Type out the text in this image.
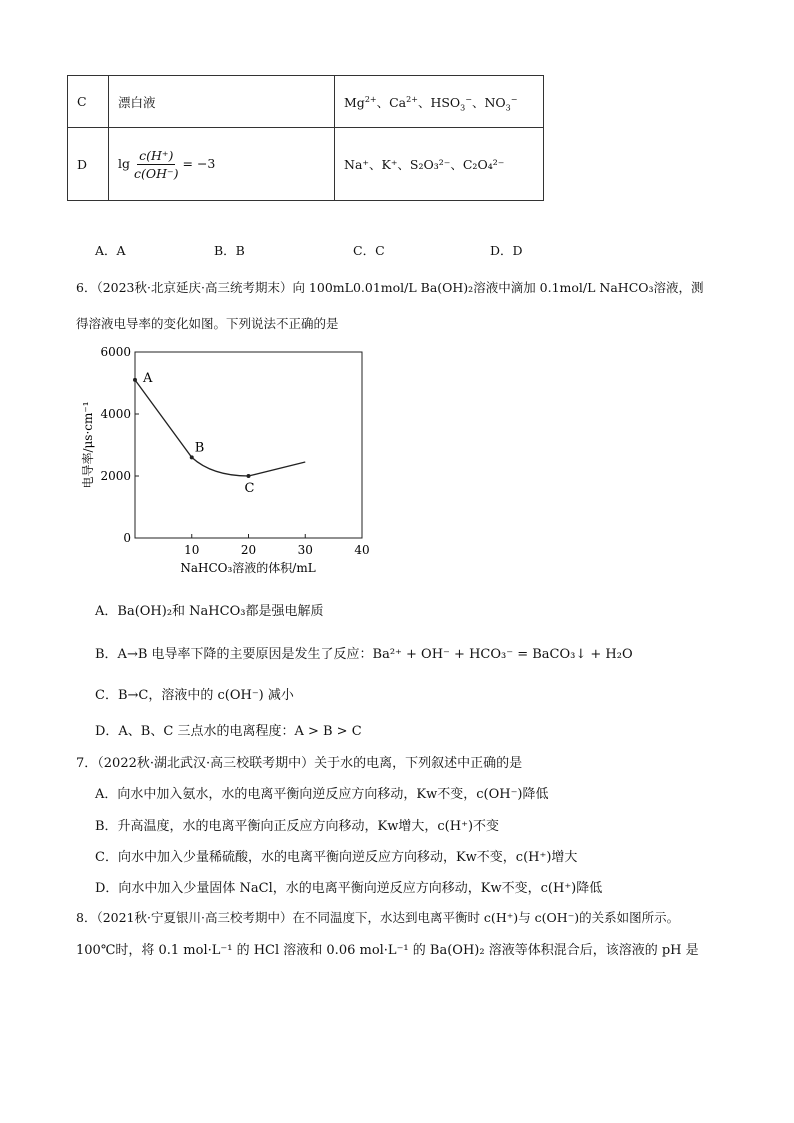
C	漂白液	$Mg^{2+}$、$Ca^{2+}$、$HSO_3^-$、$NO_3^-$
D	$\lg \frac{c(H^+)}{c(OH^-)} = -3$	Na⁺、K⁺、S₂O₃²⁻、C₂O₄²⁻
A．A	B．B	C．C	D．D
6．（2023秋·北京延庆·高三统考期末）向 100mL0.01mol/L Ba(OH)₂溶液中滴加 0.1mol/L NaHCO₃溶液，测
得溶液电导率的变化如图。下列说法不正确的是
0
2000
4000
6000
10	20	30	40
A
B
C
电导率/μs·cm⁻¹
NaHCO₃溶液的体积/mL
A．Ba(OH)₂和 NaHCO₃都是强电解质
B．A→B 电导率下降的主要原因是发生了反应：Ba²⁺ + OH⁻ + HCO₃⁻ = BaCO₃↓ + H₂O
C．B→C，溶液中的 c(OH⁻) 减小
D．A、B、C 三点水的电离程度：A > B > C
7．（2022秋·湖北武汉·高三校联考期中）关于水的电离，下列叙述中正确的是
A．向水中加入氨水，水的电离平衡向逆反应方向移动，Kw不变，c(OH⁻)降低
B．升高温度，水的电离平衡向正反应方向移动，Kw增大，c(H⁺)不变
C．向水中加入少量稀硫酸，水的电离平衡向逆反应方向移动，Kw不变，c(H⁺)增大
D．向水中加入少量固体 NaCl，水的电离平衡向逆反应方向移动，Kw不变，c(H⁺)降低
8．（2021秋·宁夏银川·高三校考期中）在不同温度下，水达到电离平衡时 c(H⁺)与 c(OH⁻)的关系如图所示。
100℃时，将 0.1 mol·L⁻¹ 的 HCl 溶液和 0.06 mol·L⁻¹ 的 Ba(OH)₂ 溶液等体积混合后，该溶液的 pH 是
